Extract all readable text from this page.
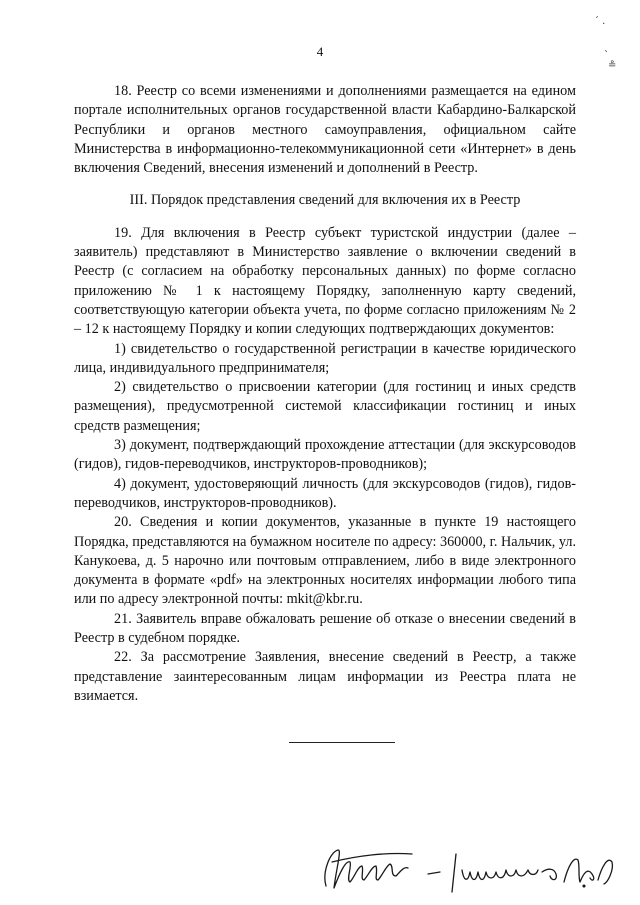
4
´ .
`
≗

18. Реестр со всеми изменениями и дополнениями размещается на едином портале исполнительных органов государственной власти Кабардино-Балкарской Республики и органов местного самоуправления, официальном сайте Министерства в информационно-телекоммуникационной сети «Интернет» в день включения Сведений, внесения изменений и дополнений в Реестр.

III. Порядок представления сведений для включения их в Реестр

19. Для включения в Реестр субъект туристской индустрии (далее – заявитель) представляют в Министерство заявление о включении сведений в Реестр (с согласием на обработку персональных данных) по форме согласно приложению № 1 к настоящему Порядку, заполненную карту сведений, соответствующую категории объекта учета, по форме согласно приложениям № 2 – 12 к настоящему Порядку и копии следующих подтверждающих документов:

1) свидетельство о государственной регистрации в качестве юридического лица, индивидуального предпринимателя;

2) свидетельство о присвоении категории (для гостиниц и иных средств размещения), предусмотренной системой классификации гостиниц и иных средств размещения;

3) документ, подтверждающий прохождение аттестации (для экскурсоводов (гидов), гидов-переводчиков, инструкторов-проводников);

4) документ, удостоверяющий личность (для экскурсоводов (гидов), гидов-переводчиков, инструкторов-проводников).

20. Сведения и копии документов, указанные в пункте 19 настоящего Порядка, представляются на бумажном носителе по адресу: 360000, г. Нальчик, ул. Канукоева, д. 5 нарочно или почтовым отправлением, либо в виде электронного документа в формате «pdf» на электронных носителях информации любого типа или по адресу электронной почты: mkit@kbr.ru.

21. Заявитель вправе обжаловать решение об отказе о внесении сведений в Реестр в судебном порядке.

22. За рассмотрение Заявления, внесение сведений в Реестр, а также представление заинтересованным лицам информации из Реестра плата не взимается.
